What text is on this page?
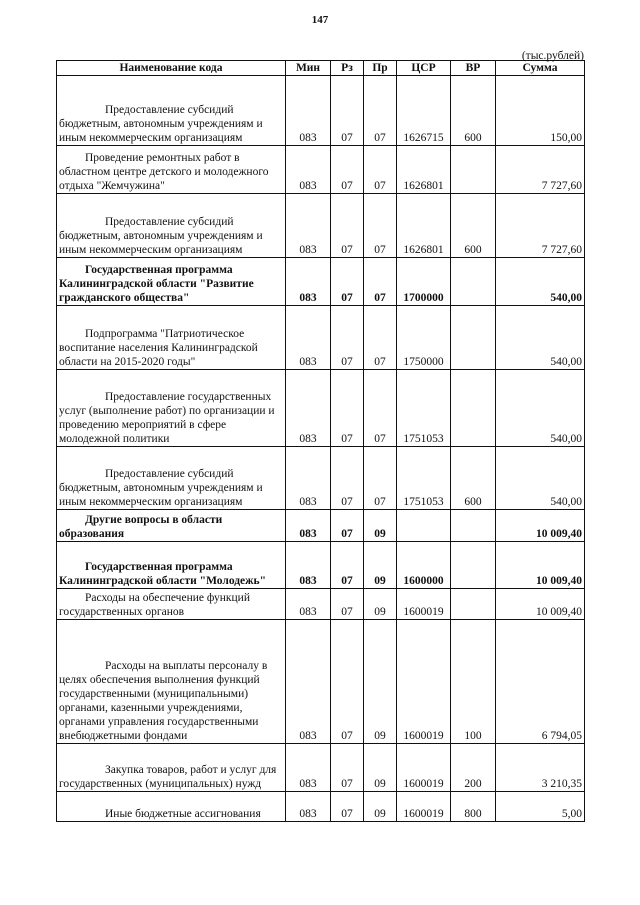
147
(тыс.рублей)
Наименование кода	Мин	Рз	Пр	ЦСР	ВР	Сумма

Предоставление субсидий бюджетным, автономным учреждениям и иным некоммерческим организациям	083	07	07	1626715	600	150,00

Проведение ремонтных работ в областном центре детского и молодежного отдыха "Жемчужина"	083	07	07	1626801		7 727,60

Предоставление субсидий бюджетным, автономным учреждениям и иным некоммерческим организациям	083	07	07	1626801	600	7 727,60

Государственная программа Калининградской области "Развитие гражданского общества"	083	07	07	1700000		540,00

Подпрограмма "Патриотическое воспитание населения Калининградской области на 2015-2020 годы"	083	07	07	1750000		540,00

Предоставление государственных услуг (выполнение работ) по организации и проведению мероприятий в сфере молодежной политики	083	07	07	1751053		540,00

Предоставление субсидий бюджетным, автономным учреждениям и иным некоммерческим организациям	083	07	07	1751053	600	540,00

Другие вопросы в области образования	083	07	09			10 009,40

Государственная программа Калининградской области "Молодежь"	083	07	09	1600000		10 009,40

Расходы на обеспечение функций государственных органов	083	07	09	1600019		10 009,40

Расходы на выплаты персоналу в целях обеспечения выполнения функций государственными (муниципальными) органами, казенными учреждениями, органами управления государственными внебюджетными фондами	083	07	09	1600019	100	6 794,05

Закупка товаров, работ и услуг для государственных (муниципальных) нужд	083	07	09	1600019	200	3 210,35

Иные бюджетные ассигнования	083	07	09	1600019	800	5,00
